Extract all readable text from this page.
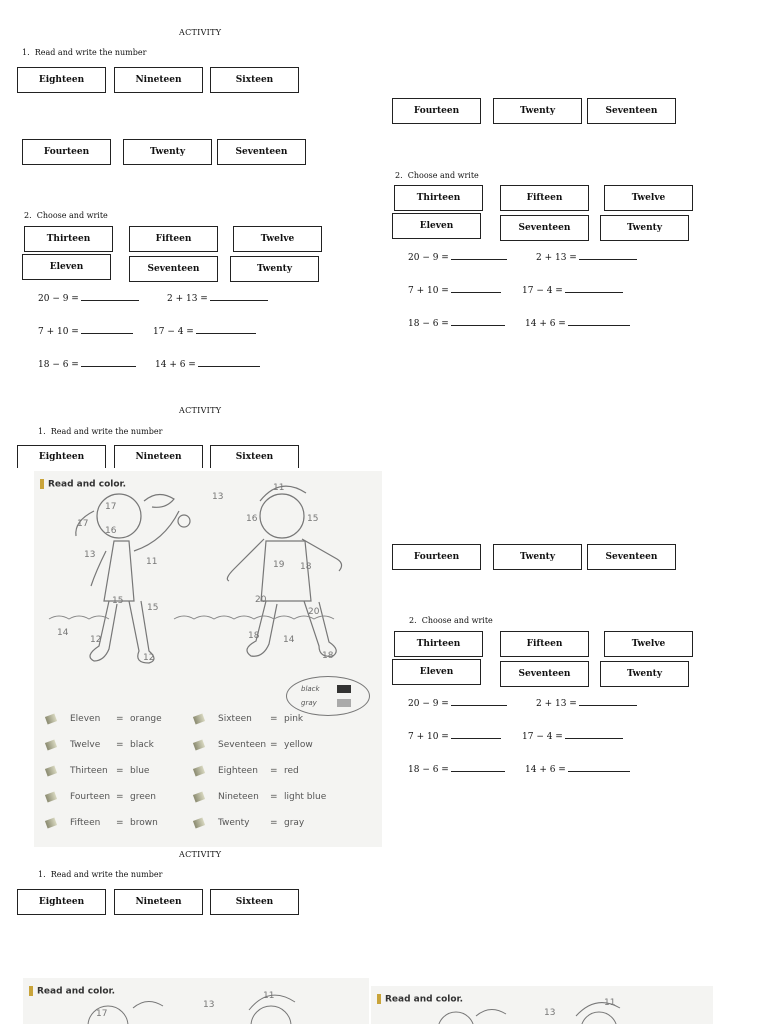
ACTIVITY
1. Read and write the number
Eighteen	Nineteen	Sixteen
Fourteen	Twenty	Seventeen
2. Choose and write
Thirteen	Fifteen	Twelve
Eleven	Seventeen	Twenty
20 − 9 =	2 + 13 =
7 + 10 =	17 − 4 =
18 − 6 =	14 + 6 =
Fourteen	Twenty	Seventeen
2. Choose and write
Thirteen	Fifteen	Twelve
Eleven	Seventeen	Twenty
20 − 9 =	2 + 13 =
7 + 10 =	17 − 4 =
18 − 6 =	14 + 6 =
ACTIVITY
1. Read and write the number
Eighteen	Nineteen	Sixteen
Read and color.
17
17
16
13
11
15
15
14
12
12
13
11
16	15
19 18
20
20
18	14
18
black
gray
Eleven = orange
Twelve = black
Thirteen = blue
Fourteen = green
Fifteen = brown
Sixteen = pink
Seventeen = yellow
Eighteen = red
Nineteen = light blue
Twenty = gray
Fourteen	Twenty	Seventeen
2. Choose and write
Thirteen	Fifteen	Twelve
Eleven	Seventeen	Twenty
20 − 9 =	2 + 13 =
7 + 10 =	17 − 4 =
18 − 6 =	14 + 6 =
ACTIVITY
1. Read and write the number
Eighteen	Nineteen	Sixteen
Read and color.
13
11
17
Read and color.
13
11
